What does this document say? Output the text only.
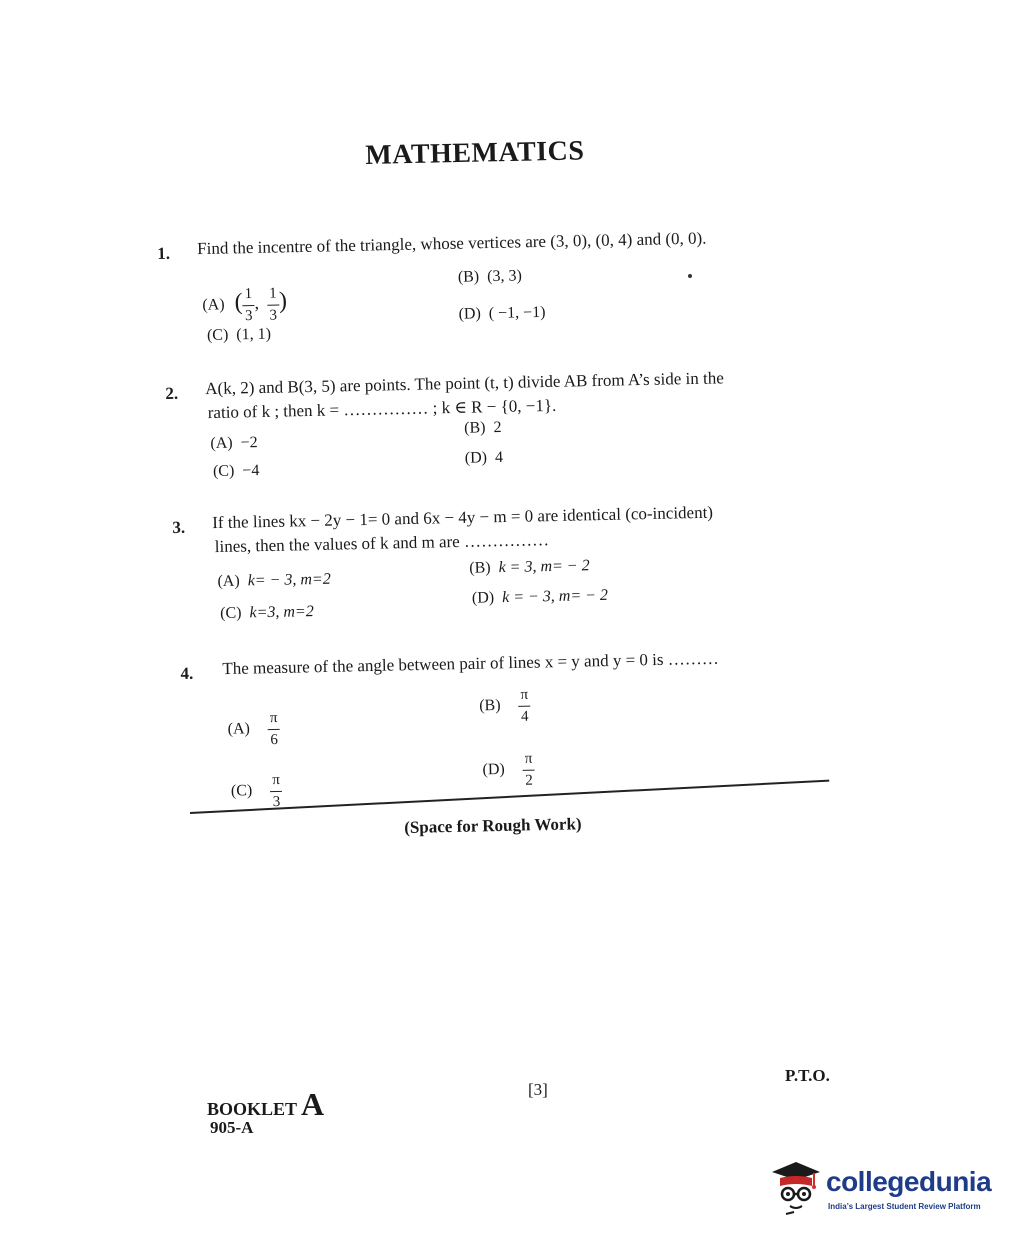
MATHEMATICS
1. Find the incentre of the triangle, whose vertices are (3, 0), (0, 4) and (0, 0).
(A) ( $\frac{1}{3}$ , $\frac{1}{3}$ )
(B) (3, 3)
(C) (1, 1)
(D) ( −1, −1)
2. A(k, 2) and B(3, 5) are points. The point (t, t) divide AB from A’s side in the
ratio of k ; then k = …………… ; k ∈ R − {0, −1}.
(A) −2
(B) 2
(C) −4
(D) 4
3. If the lines kx − 2y − 1= 0 and 6x − 4y − m = 0 are identical (co-incident)
lines, then the values of k and m are ……………
(A) k= − 3, m=2
(B) k = 3, m= − 2
(C) k=3, m=2
(D) k = − 3, m= − 2
4. The measure of the angle between pair of lines x = y and y = 0 is ………
$(A) \frac{\pi}{6}$
$(B) \frac{\pi}{4}$
$(C) \frac{\pi}{3}$
$(D) \frac{\pi}{2}$
(Space for Rough Work)
BOOKLET A
905-A
[3]
P.T.O.
collegedunia
India’s Largest Student Review Platform
